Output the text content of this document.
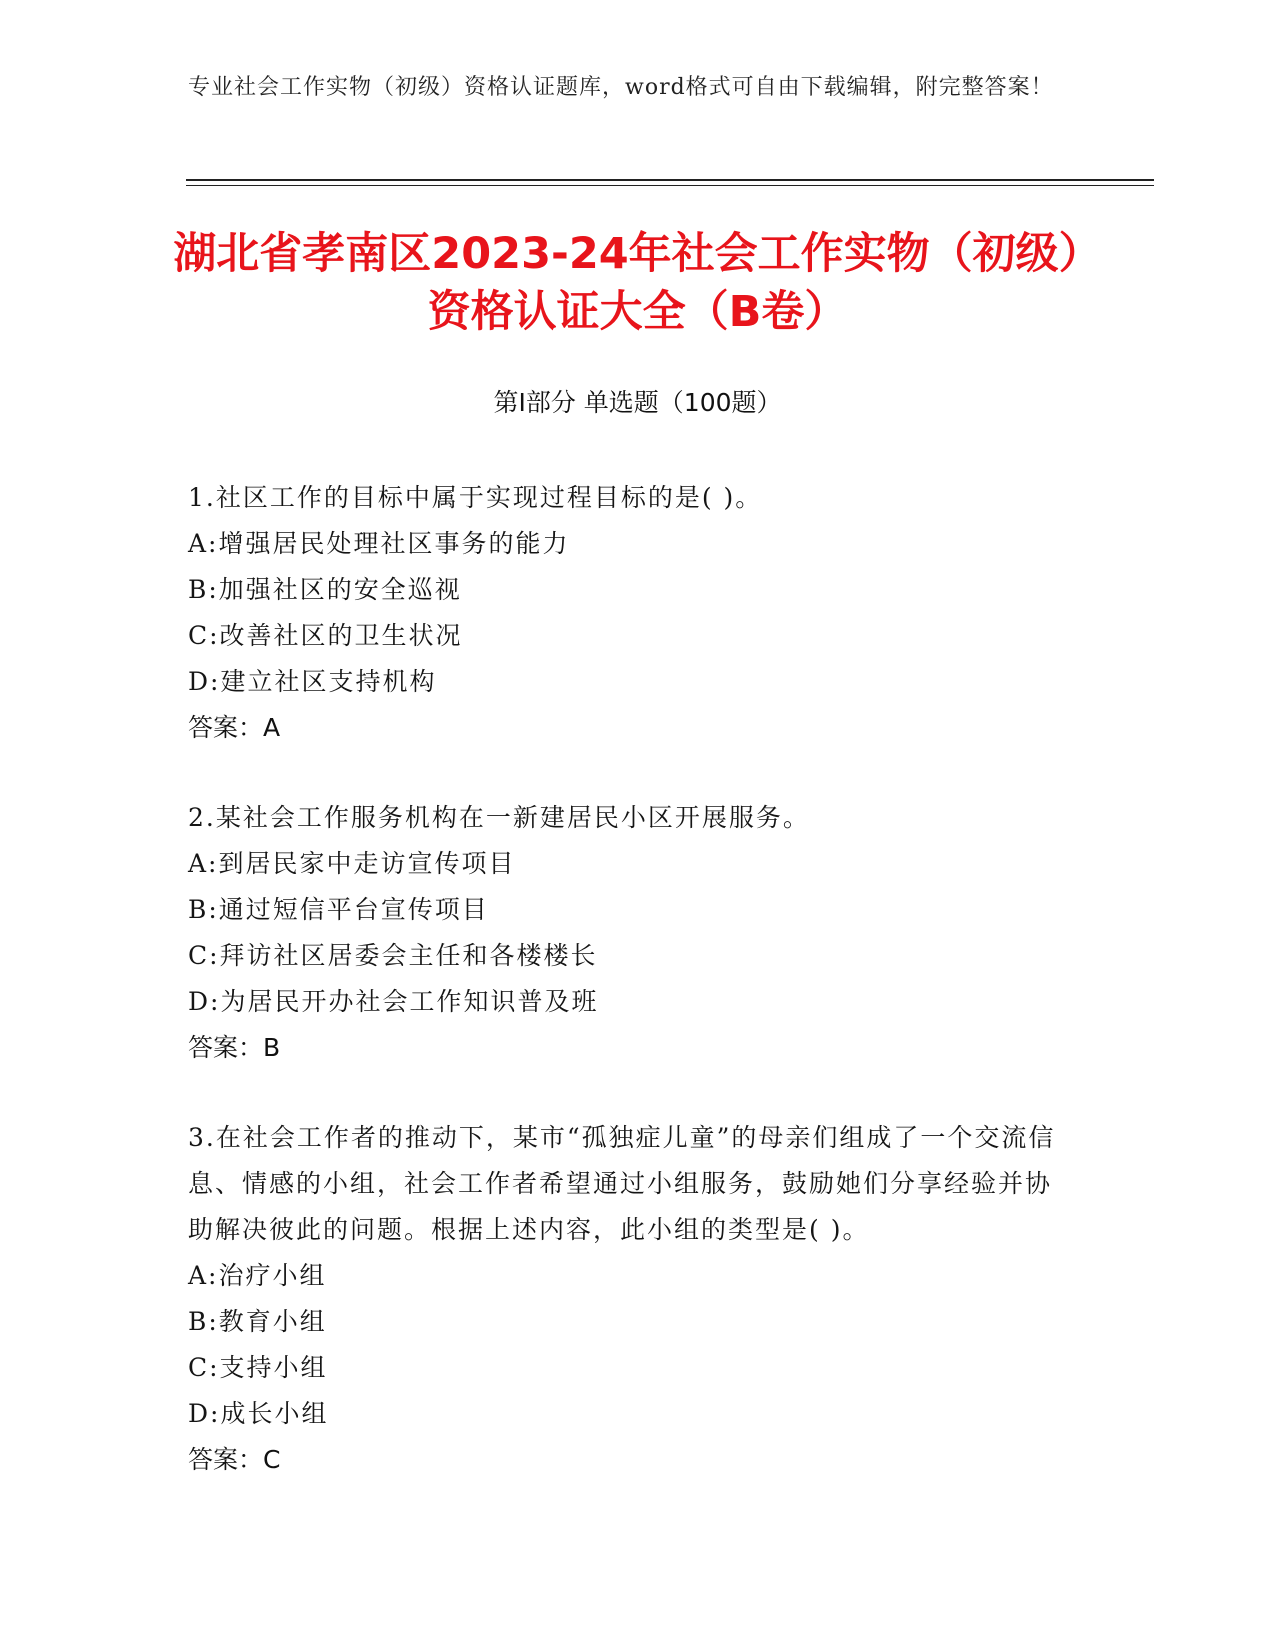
专业社会工作实物（初级）资格认证题库，word格式可自由下载编辑，附完整答案！
湖北省孝南区2023-24年社会工作实物（初级）资格认证大全（B卷）
第Ⅰ部分 单选题（100题）
1.社区工作的目标中属于实现过程目标的是( )。
A:增强居民处理社区事务的能力
B:加强社区的安全巡视
C:改善社区的卫生状况
D:建立社区支持机构
答案：A
2.某社会工作服务机构在一新建居民小区开展服务。
A:到居民家中走访宣传项目
B:通过短信平台宣传项目
C:拜访社区居委会主任和各楼楼长
D:为居民开办社会工作知识普及班
答案：B
3.在社会工作者的推动下，某市“孤独症儿童”的母亲们组成了一个交流信息、情感的小组，社会工作者希望通过小组服务，鼓励她们分享经验并协助解决彼此的问题。根据上述内容，此小组的类型是( )。
A:治疗小组
B:教育小组
C:支持小组
D:成长小组
答案：C
